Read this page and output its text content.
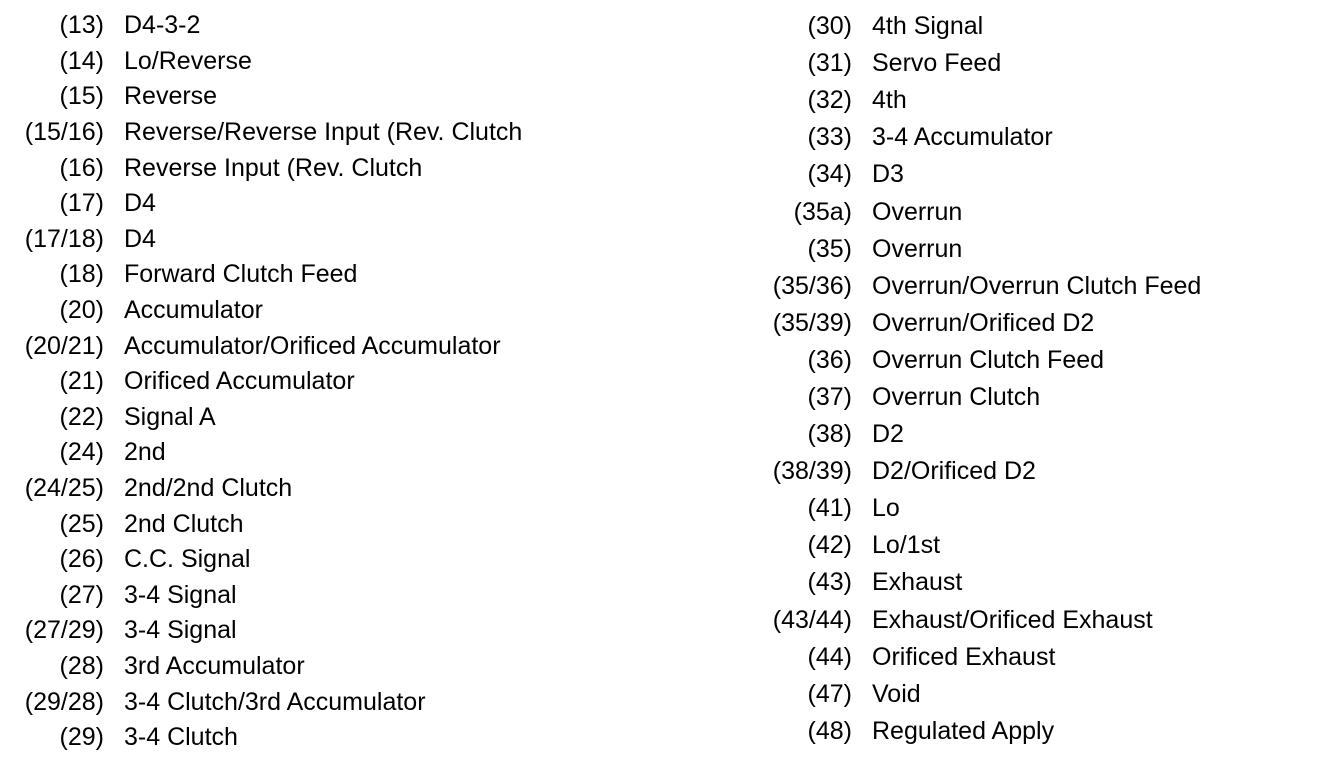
(13) D4-3-2
(14) Lo/Reverse
(15) Reverse
(15/16) Reverse/Reverse Input (Rev. Clutch
(16) Reverse Input (Rev. Clutch
(17) D4
(17/18) D4
(18) Forward Clutch Feed
(20) Accumulator
(20/21) Accumulator/Orificed Accumulator
(21) Orificed Accumulator
(22) Signal A
(24) 2nd
(24/25) 2nd/2nd Clutch
(25) 2nd Clutch
(26) C.C. Signal
(27) 3-4 Signal
(27/29) 3-4 Signal
(28) 3rd Accumulator
(29/28) 3-4 Clutch/3rd Accumulator
(29) 3-4 Clutch
(30) 4th Signal
(31) Servo Feed
(32) 4th
(33) 3-4 Accumulator
(34) D3
(35a) Overrun
(35) Overrun
(35/36) Overrun/Overrun Clutch Feed
(35/39) Overrun/Orificed D2
(36) Overrun Clutch Feed
(37) Overrun Clutch
(38) D2
(38/39) D2/Orificed D2
(41) Lo
(42) Lo/1st
(43) Exhaust
(43/44) Exhaust/Orificed Exhaust
(44) Orificed Exhaust
(47) Void
(48) Regulated Apply
